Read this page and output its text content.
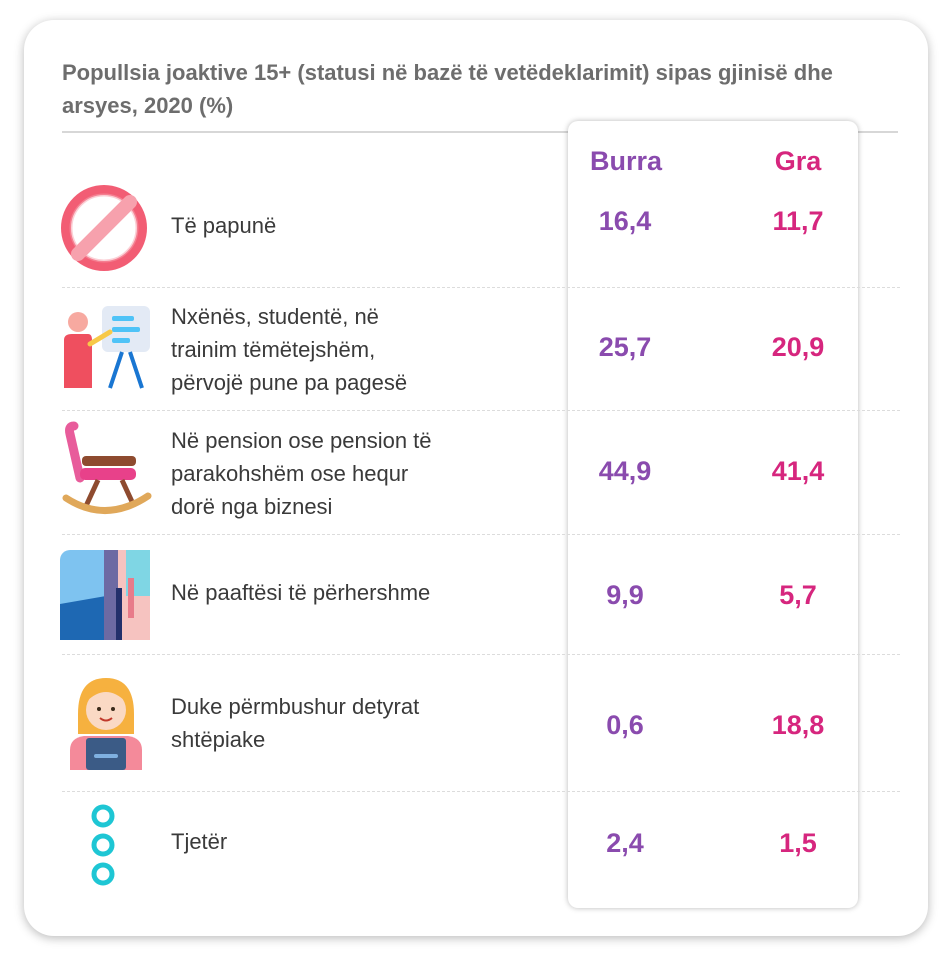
Popullsia joaktive 15+ (statusi në bazë të vetëdeklarimit) sipas gjinisë dhe arsyes, 2020 (%)
Burra	Gra
Të papunë	16,4	11,7
Nxënës, studentë, në
trainim tëmëtejshëm,
përvojë pune pa pagesë
25,7	20,9
Në pension ose pension të
parakohshëm ose hequr
dorë nga biznesi
44,9	41,4
Në paaftësi të përhershme	9,9	5,7
Duke përmbushur detyrat
shtëpiake	0,6	18,8
Tjetër	2,4	1,5
